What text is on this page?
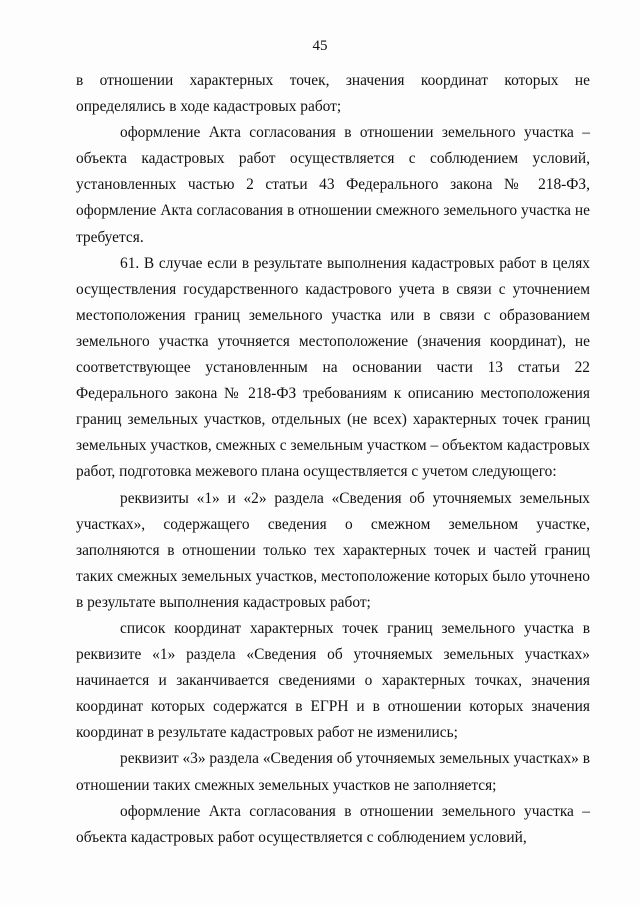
45

в отношении характерных точек, значения координат которых не определялись в ходе кадастровых работ;

оформление Акта согласования в отношении земельного участка – объекта кадастровых работ осуществляется с соблюдением условий, установленных частью 2 статьи 43 Федерального закона № 218-ФЗ, оформление Акта согласования в отношении смежного земельного участка не требуется.

61. В случае если в результате выполнения кадастровых работ в целях осуществления государственного кадастрового учета в связи с уточнением местоположения границ земельного участка или в связи с образованием земельного участка уточняется местоположение (значения координат), не соответствующее установленным на основании части 13 статьи 22 Федерального закона № 218-ФЗ требованиям к описанию местоположения границ земельных участков, отдельных (не всех) характерных точек границ земельных участков, смежных с земельным участком – объектом кадастровых работ, подготовка межевого плана осуществляется с учетом следующего:

реквизиты «1» и «2» раздела «Сведения об уточняемых земельных участках», содержащего сведения о смежном земельном участке, заполняются в отношении только тех характерных точек и частей границ таких смежных земельных участков, местоположение которых было уточнено в результате выполнения кадастровых работ;

список координат характерных точек границ земельного участка в реквизите «1» раздела «Сведения об уточняемых земельных участках» начинается и заканчивается сведениями о характерных точках, значения координат которых содержатся в ЕГРН и в отношении которых значения координат в результате кадастровых работ не изменились;

реквизит «3» раздела «Сведения об уточняемых земельных участках» в отношении таких смежных земельных участков не заполняется;

оформление Акта согласования в отношении земельного участка – объекта кадастровых работ осуществляется с соблюдением условий,
